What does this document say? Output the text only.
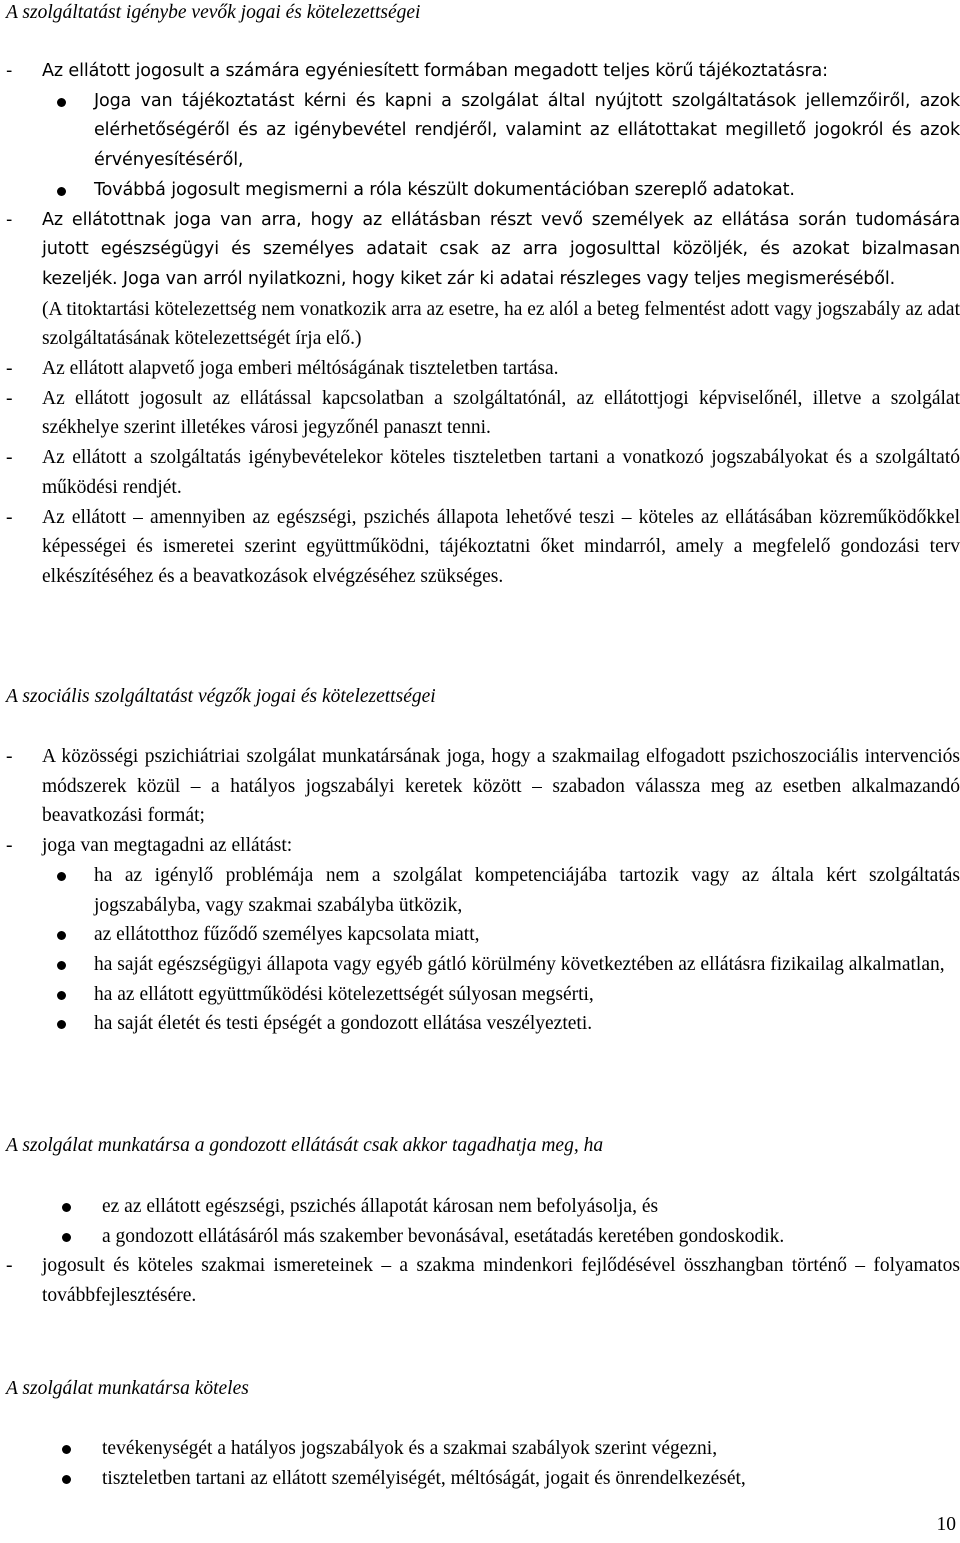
A szolgáltatást igénybe vevők jogai és kötelezettségei
- Az ellátott jogosult a számára egyéniesített formában megadott teljes körű tájékoztatásra:
Joga van tájékoztatást kérni és kapni a szolgálat által nyújtott szolgáltatások jellemzőiről, azok elérhetőségéről és az igénybevétel rendjéről, valamint az ellátottakat megillető jogokról és azok érvényesítéséről,
Továbbá jogosult megismerni a róla készült dokumentációban szereplő adatokat.
- Az ellátottnak joga van arra, hogy az ellátásban részt vevő személyek az ellátása során tudomására jutott egészségügyi és személyes adatait csak az arra jogosulttal közöljék, és azokat bizalmasan kezeljék. Joga van arról nyilatkozni, hogy kiket zár ki adatai részleges vagy teljes megismeréséből.
(A titoktartási kötelezettség nem vonatkozik arra az esetre, ha ez alól a beteg felmentést adott vagy jogszabály az adat szolgáltatásának kötelezettségét írja elő.)
- Az ellátott alapvető joga emberi méltóságának tiszteletben tartása.
- Az ellátott jogosult az ellátással kapcsolatban a szolgáltatónál, az ellátottjogi képviselőnél, illetve a szolgálat székhelye szerint illetékes városi jegyzőnél panaszt tenni.
- Az ellátott a szolgáltatás igénybevételekor köteles tiszteletben tartani a vonatkozó jogszabályokat és a szolgáltató működési rendjét.
- Az ellátott – amennyiben az egészségi, pszichés állapota lehetővé teszi – köteles az ellátásában közreműködőkkel képességei és ismeretei szerint együttműködni, tájékoztatni őket mindarról, amely a megfelelő gondozási terv elkészítéséhez és a beavatkozások elvégzéséhez szükséges.
A szociális szolgáltatást végzők jogai és kötelezettségei
- A közösségi pszichiátriai szolgálat munkatársának joga, hogy a szakmailag elfogadott pszichoszociális intervenciós módszerek közül – a hatályos jogszabályi keretek között – szabadon válassza meg az esetben alkalmazandó beavatkozási formát;
- joga van megtagadni az ellátást:
ha az igénylő problémája nem a szolgálat kompetenciájába tartozik vagy az általa kért szolgáltatás jogszabályba, vagy szakmai szabályba ütközik,
az ellátotthoz fűződő személyes kapcsolata miatt,
ha saját egészségügyi állapota vagy egyéb gátló körülmény következtében az ellátásra fizikailag alkalmatlan,
ha az ellátott együttműködési kötelezettségét súlyosan megsérti,
ha saját életét és testi épségét a gondozott ellátása veszélyezteti.
A szolgálat munkatársa a gondozott ellátását csak akkor tagadhatja meg, ha
ez az ellátott egészségi, pszichés állapotát károsan nem befolyásolja, és
a gondozott ellátásáról más szakember bevonásával, esetátadás keretében gondoskodik.
- jogosult és köteles szakmai ismereteinek – a szakma mindenkori fejlődésével összhangban történő – folyamatos továbbfejlesztésére.
A szolgálat munkatársa köteles
tevékenységét a hatályos jogszabályok és a szakmai szabályok szerint végezni,
tiszteletben tartani az ellátott személyiségét, méltóságát, jogait és önrendelkezését,
10
